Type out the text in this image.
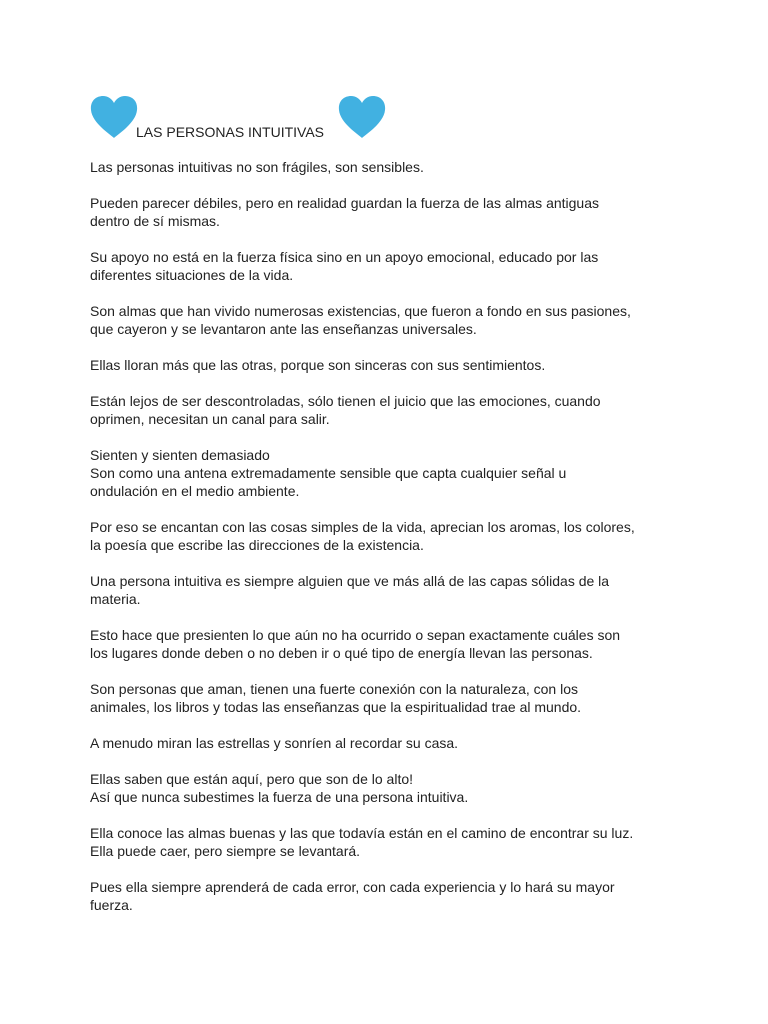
LAS PERSONAS INTUITIVAS

Las personas intuitivas no son frágiles, son sensibles.

Pueden parecer débiles, pero en realidad guardan la fuerza de las almas antiguas
dentro de sí mismas.

Su apoyo no está en la fuerza física sino en un apoyo emocional, educado por las
diferentes situaciones de la vida.

Son almas que han vivido numerosas existencias, que fueron a fondo en sus pasiones,
que cayeron y se levantaron ante las enseñanzas universales.

Ellas lloran más que las otras, porque son sinceras con sus sentimientos.

Están lejos de ser descontroladas, sólo tienen el juicio que las emociones, cuando
oprimen, necesitan un canal para salir.

Sienten y sienten demasiado
Son como una antena extremadamente sensible que capta cualquier señal u
ondulación en el medio ambiente.

Por eso se encantan con las cosas simples de la vida, aprecian los aromas, los colores,
la poesía que escribe las direcciones de la existencia.

Una persona intuitiva es siempre alguien que ve más allá de las capas sólidas de la
materia.

Esto hace que presienten lo que aún no ha ocurrido o sepan exactamente cuáles son
los lugares donde deben o no deben ir o qué tipo de energía llevan las personas.

Son personas que aman, tienen una fuerte conexión con la naturaleza, con los
animales, los libros y todas las enseñanzas que la espiritualidad trae al mundo.

A menudo miran las estrellas y sonríen al recordar su casa.

Ellas saben que están aquí, pero que son de lo alto!
Así que nunca subestimes la fuerza de una persona intuitiva.

Ella conoce las almas buenas y las que todavía están en el camino de encontrar su luz.
Ella puede caer, pero siempre se levantará.

Pues ella siempre aprenderá de cada error, con cada experiencia y lo hará su mayor
fuerza.
